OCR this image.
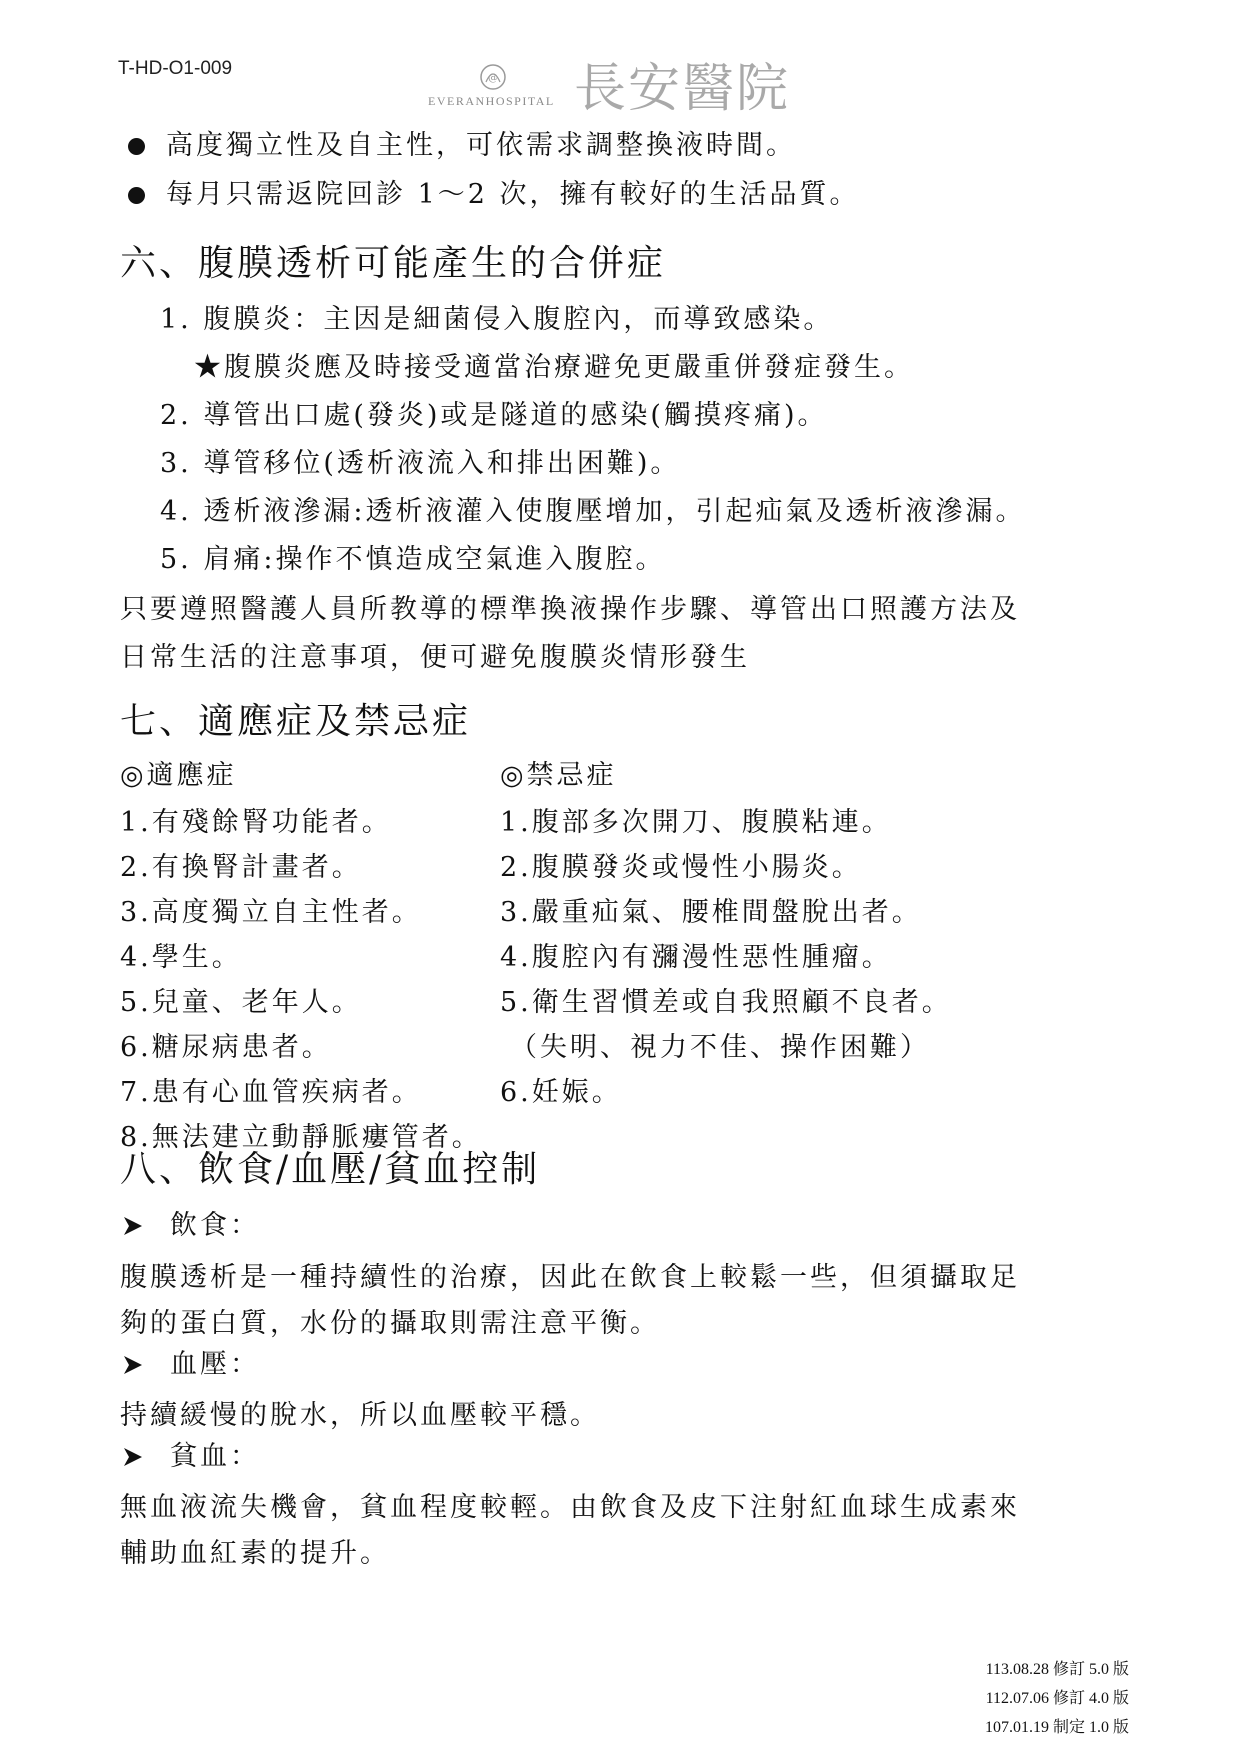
T-HD-O1-009	@
EVERANHOSPITAL 長安醫院
高度獨立性及自主性，可依需求調整換液時間。
每月只需返院回診 1～2 次，擁有較好的生活品質。
六、腹膜透析可能產生的合併症
1. 腹膜炎：主因是細菌侵入腹腔內，而導致感染。
★腹膜炎應及時接受適當治療避免更嚴重併發症發生。
2. 導管出口處(發炎)或是隧道的感染(觸摸疼痛)。
3. 導管移位(透析液流入和排出困難)。
4. 透析液滲漏:透析液灌入使腹壓增加，引起疝氣及透析液滲漏。
5. 肩痛:操作不慎造成空氣進入腹腔。
只要遵照醫護人員所教導的標準換液操作步驟、導管出口照護方法及
日常生活的注意事項，便可避免腹膜炎情形發生
七、適應症及禁忌症
◎適應症	◎禁忌症
1.有殘餘腎功能者。
2.有換腎計畫者。
3.高度獨立自主性者。
4.學生。
5.兒童、老年人。
6.糖尿病患者。
7.患有心血管疾病者。
8.無法建立動靜脈瘻管者。
1.腹部多次開刀、腹膜粘連。
2.腹膜發炎或慢性小腸炎。
3.嚴重疝氣、腰椎間盤脫出者。
4.腹腔內有瀰漫性惡性腫瘤。
5.衛生習慣差或自我照顧不良者。
（失明、視力不佳、操作困難）
6.妊娠。
八、飲食/血壓/貧血控制
飲食：
腹膜透析是一種持續性的治療，因此在飲食上較鬆一些，但須攝取足
夠的蛋白質，水份的攝取則需注意平衡。
血壓：
持續緩慢的脫水，所以血壓較平穩。
貧血：
無血液流失機會，貧血程度較輕。由飲食及皮下注射紅血球生成素來
輔助血紅素的提升。
113.08.28 修訂 5.0 版
112.07.06 修訂 4.0 版
107.01.19 制定 1.0 版
